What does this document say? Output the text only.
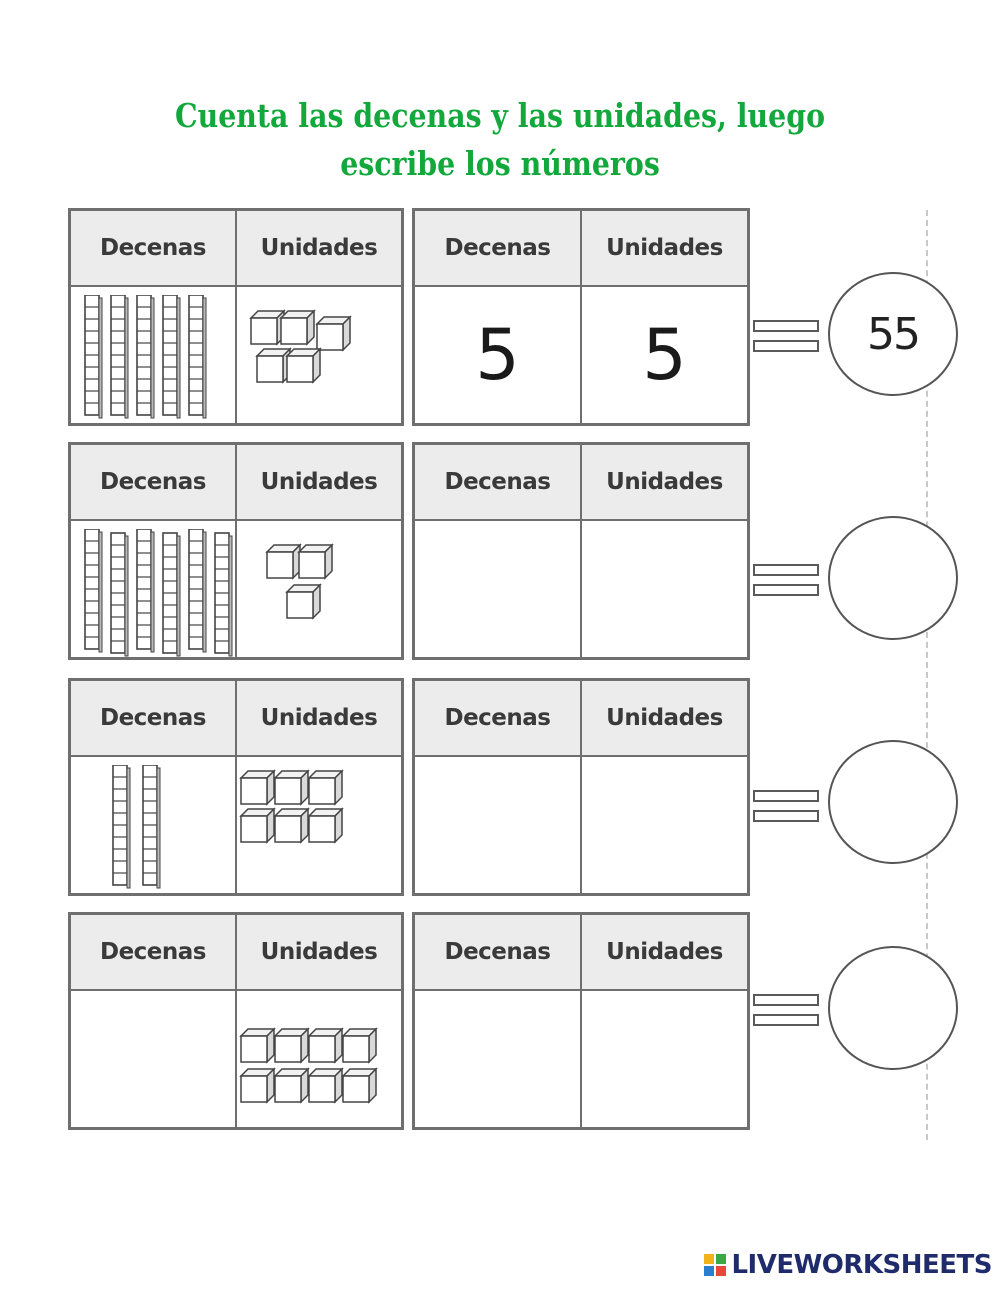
Cuenta las decenas y las unidades, luego escribe los números
Decenas	Unidades	Decenas	Unidades
5	5	55
Decenas	Unidades	Decenas	Unidades
Decenas	Unidades	Decenas	Unidades
Decenas	Unidades	Decenas	Unidades
LIVEWORKSHEETS
